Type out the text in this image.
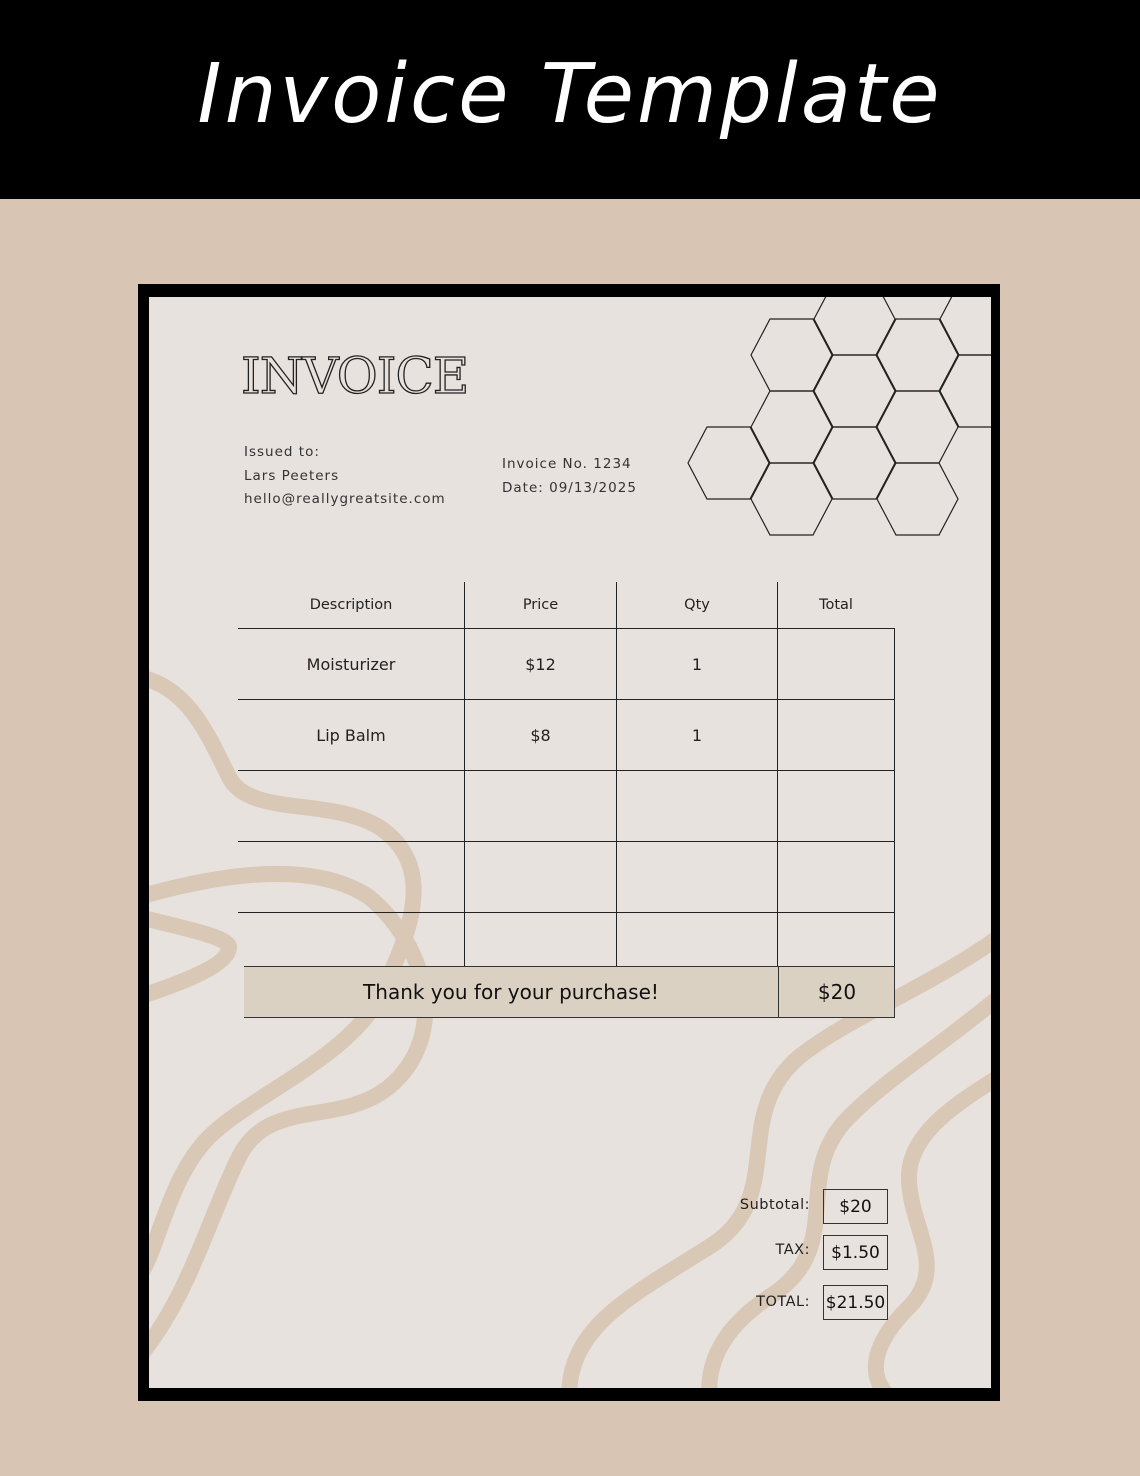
Invoice Template
INVOICE
Issued to:
Lars Peeters
hello@reallygreatsite.com
Invoice No. 1234
Date: 09/13/2025
Description	Price	Qty	Total
Moisturizer	$12	1	
Lip Balm	$8	1	

Thank you for your purchase!	$20
Subtotal:	$20
TAX:	$1.50
TOTAL: $21.50
